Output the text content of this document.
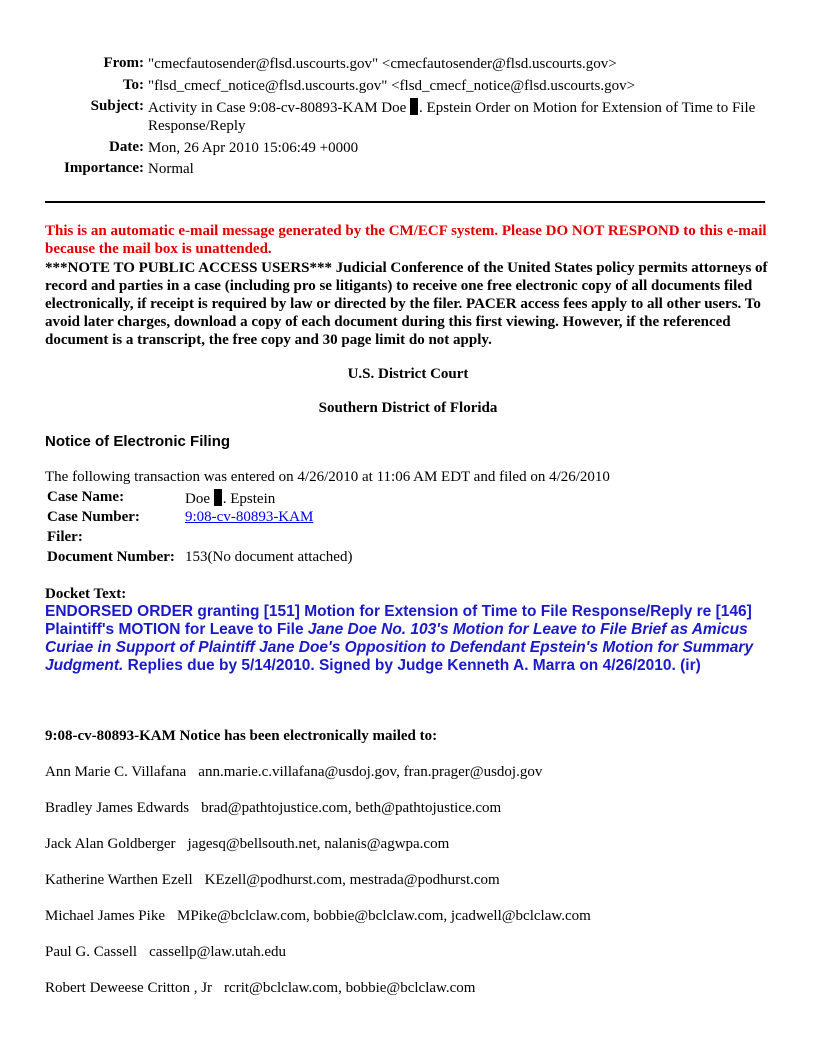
From: "cmecfautosender@flsd.uscourts.gov" <cmecfautosender@flsd.uscourts.gov>
To: "flsd_cmecf_notice@flsd.uscourts.gov" <flsd_cmecf_notice@flsd.uscourts.gov>
Subject: Activity in Case 9:08-cv-80893-KAM Doe . Epstein Order on Motion for Extension of Time to File Response/Reply
Date: Mon, 26 Apr 2010 15:06:49 +0000
Importance: Normal
This is an automatic e-mail message generated by the CM/ECF system. Please DO NOT RESPOND to this e-mail because the mail box is unattended.
***NOTE TO PUBLIC ACCESS USERS*** Judicial Conference of the United States policy permits attorneys of record and parties in a case (including pro se litigants) to receive one free electronic copy of all documents filed electronically, if receipt is required by law or directed by the filer. PACER access fees apply to all other users. To avoid later charges, download a copy of each document during this first viewing. However, if the referenced document is a transcript, the free copy and 30 page limit do not apply.
U.S. District Court
Southern District of Florida
Notice of Electronic Filing
The following transaction was entered on 4/26/2010 at 11:06 AM EDT and filed on 4/26/2010
Case Name:	Doe . Epstein
Case Number:	9:08-cv-80893-KAM
Filer:
Document Number: 153(No document attached)
Docket Text:
ENDORSED ORDER granting [151] Motion for Extension of Time to File Response/Reply re [146] Plaintiff's MOTION for Leave to File Jane Doe No. 103's Motion for Leave to File Brief as Amicus Curiae in Support of Plaintiff Jane Doe's Opposition to Defendant Epstein's Motion for Summary Judgment. Replies due by 5/14/2010. Signed by Judge Kenneth A. Marra on 4/26/2010. (ir)
9:08-cv-80893-KAM Notice has been electronically mailed to:
Ann Marie C. Villafana ann.marie.c.villafana@usdoj.gov, fran.prager@usdoj.gov
Bradley James Edwards brad@pathtojustice.com, beth@pathtojustice.com
Jack Alan Goldberger jagesq@bellsouth.net, nalanis@agwpa.com
Katherine Warthen Ezell KEzell@podhurst.com, mestrada@podhurst.com
Michael James Pike MPike@bclclaw.com, bobbie@bclclaw.com, jcadwell@bclclaw.com
Paul G. Cassell cassellp@law.utah.edu
Robert Deweese Critton , Jr rcrit@bclclaw.com, bobbie@bclclaw.com
